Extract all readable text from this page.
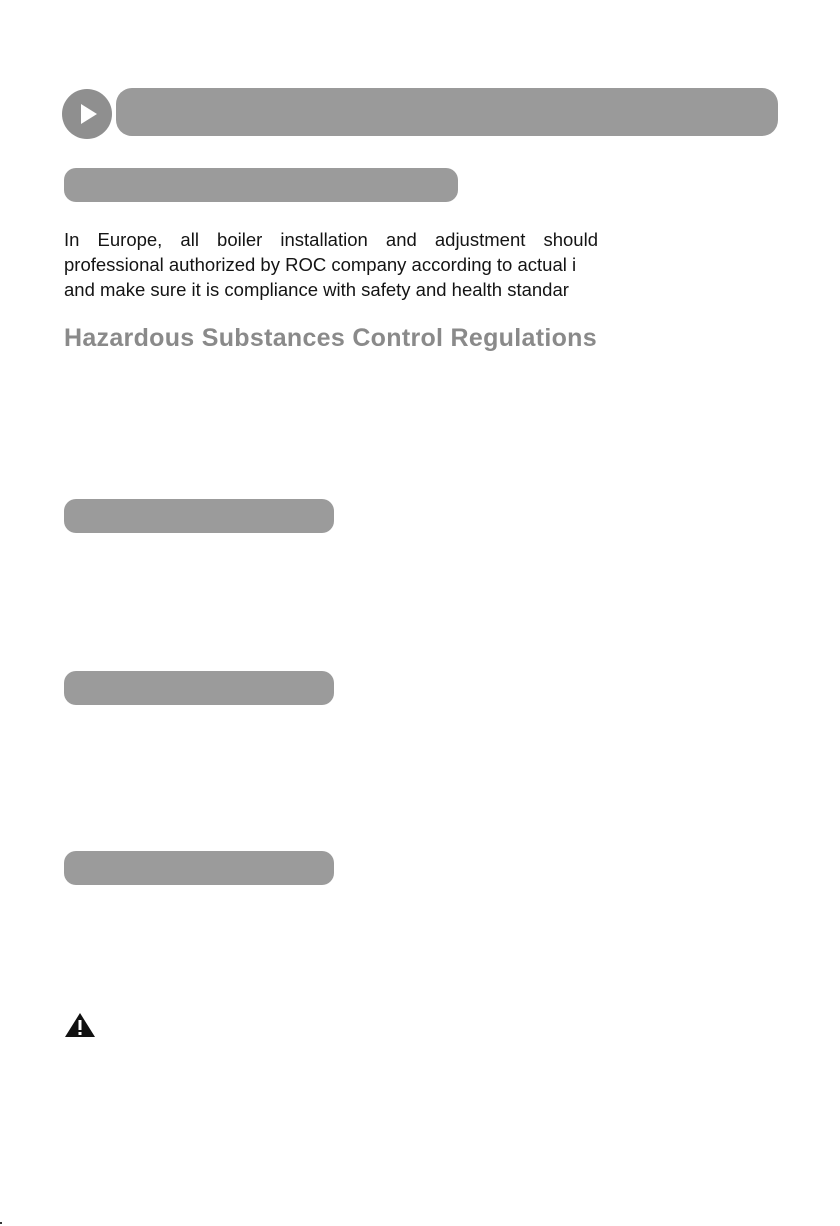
In Europe, all boiler installation and adjustment should
professional authorized by ROC company according to actual i
and make sure it is compliance with safety and health standar
Hazardous Substances Control Regulations
